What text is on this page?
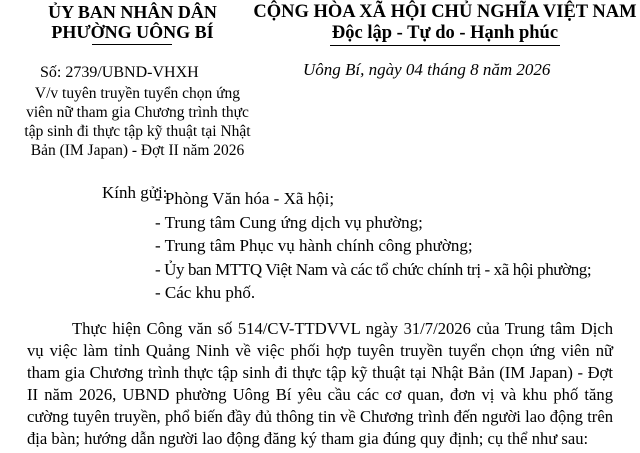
ỦY BAN NHÂN DÂN
PHƯỜNG UÔNG BÍ
CỘNG HÒA XÃ HỘI CHỦ NGHĨA VIỆT NAM
Độc lập - Tự do - Hạnh phúc
Số: 2739/UBND-VHXH
V/v tuyên truyền tuyển chọn ứng
viên nữ tham gia Chương trình thực
tập sinh đi thực tập kỹ thuật tại Nhật
Bản (IM Japan) - Đợt II năm 2026
Uông Bí, ngày 04 tháng 8 năm 2026
Kính gửi:
- Phòng Văn hóa - Xã hội;
- Trung tâm Cung ứng dịch vụ phường;
- Trung tâm Phục vụ hành chính công phường;
- Ủy ban MTTQ Việt Nam và các tổ chức chính trị - xã hội phường;
- Các khu phố.
Thực hiện Công văn số 514/CV-TTDVVL ngày 31/7/2026 của Trung tâm Dịch vụ việc làm tỉnh Quảng Ninh về việc phối hợp tuyên truyền tuyển chọn ứng viên nữ tham gia Chương trình thực tập sinh đi thực tập kỹ thuật tại Nhật Bản (IM Japan) - Đợt II năm 2026, UBND phường Uông Bí yêu cầu các cơ quan, đơn vị và khu phố tăng cường tuyên truyền, phổ biến đầy đủ thông tin về Chương trình đến người lao động trên địa bàn; hướng dẫn người lao động đăng ký tham gia đúng quy định; cụ thể như sau:
